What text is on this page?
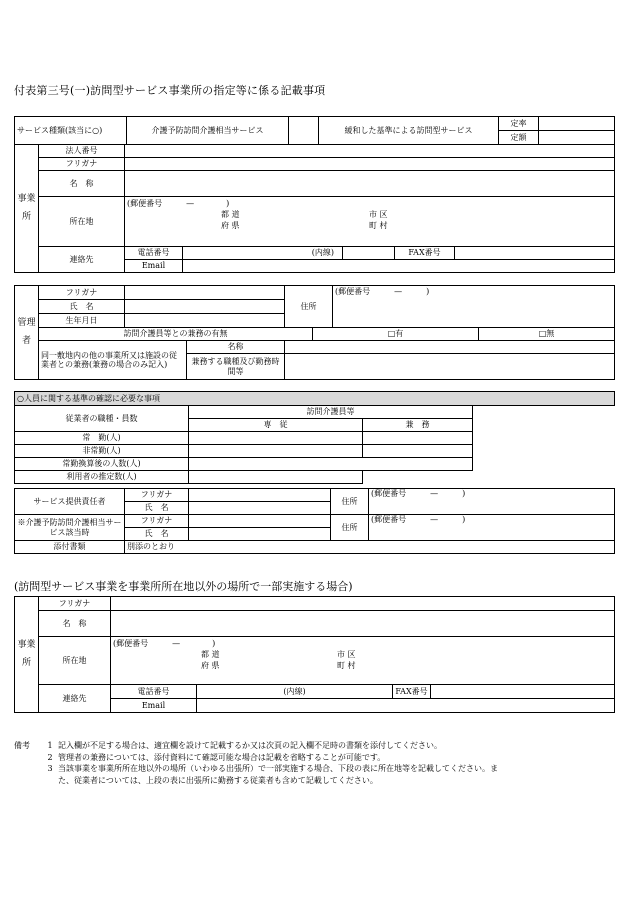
付表第三号(一)訪問型サービス事業所の指定等に係る記載事項
サービス種類(該当に○)	介護予防訪問介護相当サービス		緩和した基準による訪問型サービス	定率	
				定額	
事業所	法人番号					
	フリガナ					
	名　称					
	所在地	(郵便番号　　　—　　　　)
都 道
府 県
市 区
町 村				

	連絡先	電話番号	(内線)		FAX番号	
		Email				
管理者	フリガナ			住所		(郵便番号　　　—　　　)	

	氏　名						
	生年月日						
	訪問介護員等との兼務の有無				□有		□無
	同一敷地内の他の事業所又は施設の従業者との兼務(兼務の場合のみ記入)		名称				
			兼務する職種及び勤務時間等				
○人員に関する基準の確認に必要な事項				
従業者の職種・員数	訪問介護員等			
	専　従	兼　務		
常　勤(人)				
非常勤(人)				
常勤換算後の人数(人)				
利用者の推定数(人)			
サービス提供責任者	フリガナ		住所	(郵便番号　　　—　　　)

	氏　名			
※介護予防訪問介護相当サービス該当時	フリガナ		住所	(郵便番号　　　—　　　)

	氏　名			
添付書類	別添のとおり			
(訪問型サービス事業を事業所所在地以外の場所で一部実施する場合)
事業所	フリガナ				
	名　称				
	所在地	(郵便番号　　　—　　　　)
都 道
府 県
市 区
町 村			

	連絡先	電話番号	(内線)	FAX番号	
		Email			
備考	1 記入欄が不足する場合は、適宜欄を設けて記載するか又は次頁の記入欄不足時の書類を添付してください。
2 管理者の兼務については、添付資料にて確認可能な場合は記載を省略することが可能です。
3 当該事業を事業所所在地以外の場所（いわゆる出張所）で一部実施する場合、下段の表に所在地等を記載してください。ま
た、従業者については、上段の表に出張所に勤務する従業者も含めて記載してください。
